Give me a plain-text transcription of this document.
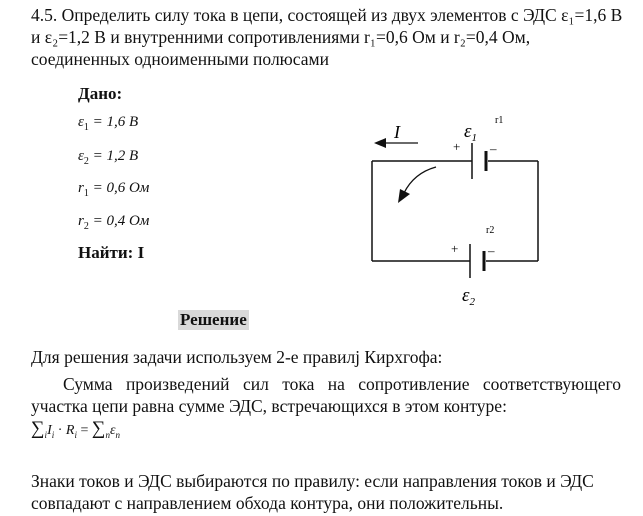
4.5. Определить силу тока в цепи, состоящей из двух элементов с ЭДС ε₁=1,6 В и ε₂=1,2 В и внутренними сопротивлениями r₁=0,6 Ом и r₂=0,4 Ом, соединенных одноименными полюсами
Дано:
$\varepsilon_1 = 1,6$ В
$\varepsilon_2 = 1,2$ В
$r_1 = 0,6$ Ом
$r_2 = 0,4$ Ом
Найти: I
I	$\varepsilon_1$
r1
+ –
r2
+ –
$\varepsilon_2$
Решение
Для решения задачи используем 2-е правилј Кирхгофа:
Сумма произведений сил тока на сопротивление соответствующего участка цепи равна сумме ЭДС, встречающихся в этом контуре:
$\sum_iI_i \cdot R_i = \sum_n\varepsilon_n$
Знаки токов и ЭДС выбираются по правилу: если направления токов и ЭДС совпадают с направлением обхода контура, они положительны.
